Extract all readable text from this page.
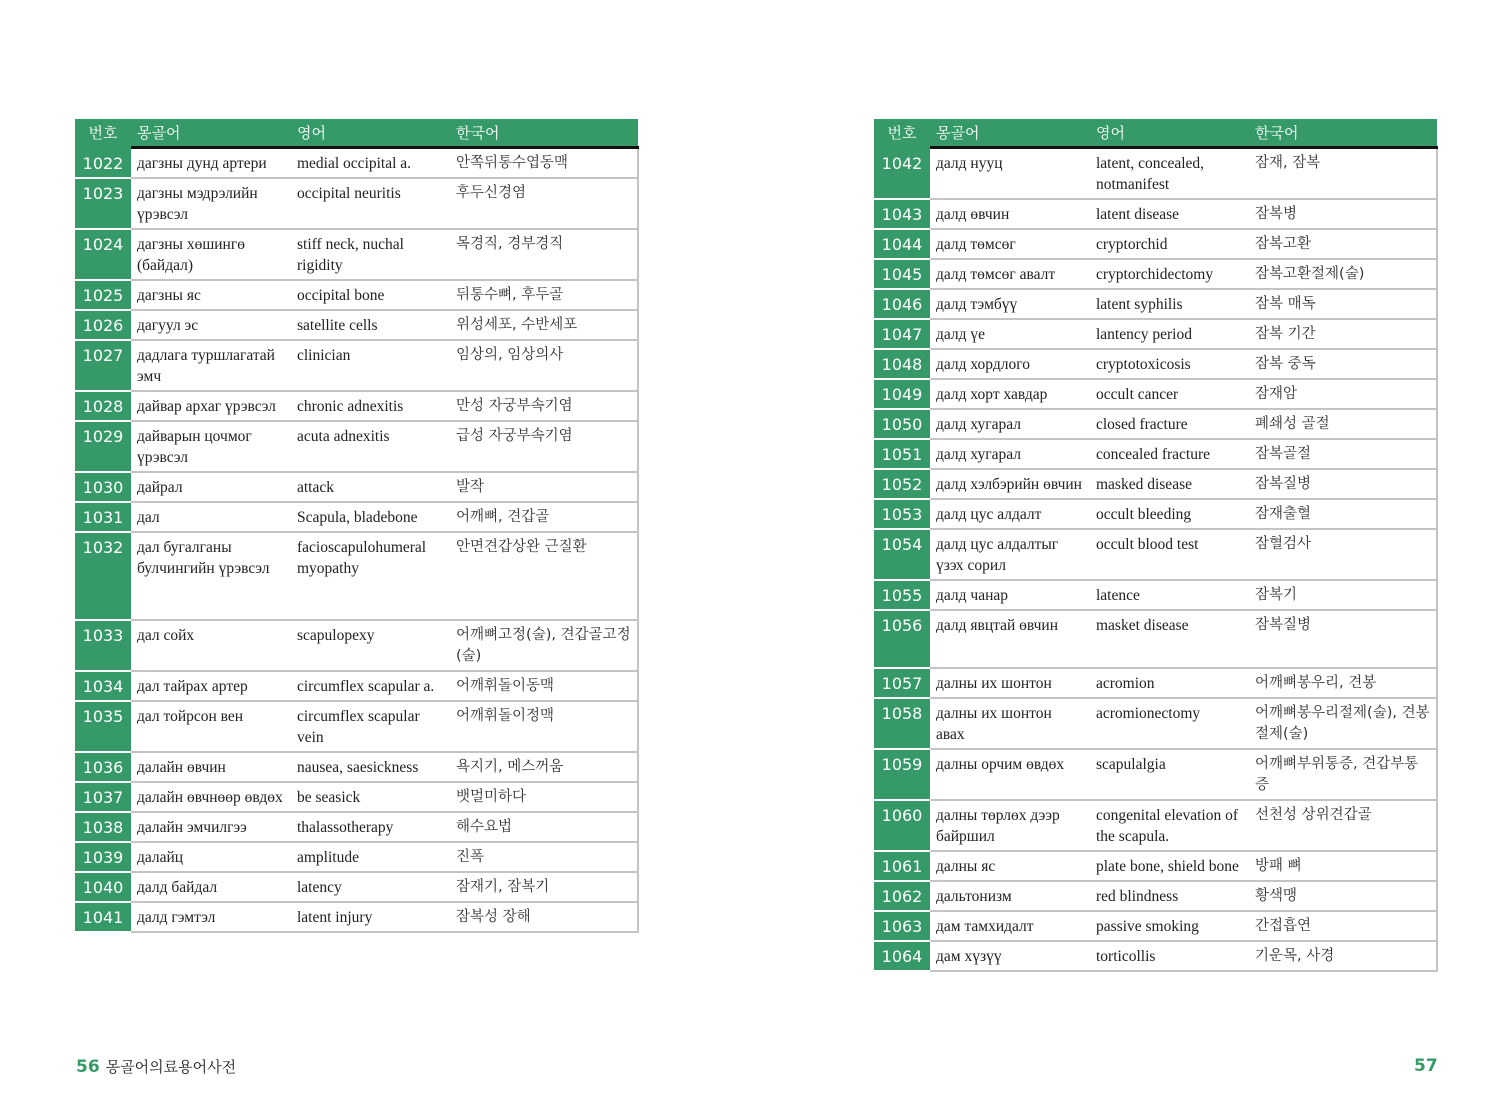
번호	몽골어	영어	한국어
1022	дагзны дунд артери	medial occipital a.	안쪽뒤통수엽동맥
1023	дагзны мэдрэлийн үрэвсэл	occipital neuritis	후두신경염
1024	дагзны хөшингө (байдал)	stiff neck, nuchal rigidity	목경직, 경부경직
1025	дагзны яс	occipital bone	뒤통수뼈, 후두골
1026	дагуул эс	satellite cells	위성세포, 수반세포
1027	дадлага туршлагатай эмч	clinician	임상의, 임상의사
1028	дайвар архаг үрэвсэл	chronic adnexitis	만성 자궁부속기염
1029	дайварын цочмог үрэвсэл	acuta adnexitis	급성 자궁부속기염
1030	дайрал	attack	발작
1031	дал	Scapula, bladebone	어깨뼈, 견갑골
1032	дал бугалганы булчингийн үрэвсэл	facioscapulohumeral myopathy	안면견갑상완 근질환
1033	дал сойх	scapulopexy	어깨뼈고정(술), 견갑골고정(술)
1034	дал тайрах артер	circumflex scapular a.	어깨휘돌이동맥
1035	дал тойрсон вен	circumflex scapular vein	어깨휘돌이정맥
1036	далайн өвчин	nausea, saesickness	욕지기, 메스꺼움
1037	далайн өвчнөөр өвдөх	be seasick	뱃멀미하다
1038	далайн эмчилгээ	thalassotherapy	해수요법
1039	далайц	amplitude	진폭
1040	далд байдал	latency	잠재기, 잠복기
1041	далд гэмтэл	latent injury	잠복성 장해
번호	몽골어	영어	한국어
1042	далд нууц	latent, concealed, notmanifest	잠재, 잠복
1043	далд өвчин	latent disease	잠복병
1044	далд төмсөг	cryptorchid	잠복고환
1045	далд төмсөг авалт	cryptorchidectomy	잠복고환절제(술)
1046	далд тэмбүү	latent syphilis	잠복 매독
1047	далд үе	lantency period	잠복 기간
1048	далд хордлого	cryptotoxicosis	잠복 중독
1049	далд хорт хавдар	occult cancer	잠재암
1050	далд хугарал	closed fracture	폐쇄성 골절
1051	далд хугарал	concealed fracture	잠복골절
1052	далд хэлбэрийн өвчин	masked disease	잠복질병
1053	далд цус алдалт	occult bleeding	잠재출혈
1054	далд цус алдалтыг үзэх сорил	occult blood test	잠혈검사
1055	далд чанар	latence	잠복기
1056	далд явцтай өвчин	masket disease	잠복질병
1057	далны их шонтон	acromion	어깨뼈봉우리, 견봉
1058	далны их шонтон авах	acromionectomy	어깨뼈봉우리절제(술), 견봉절제(술)
1059	далны орчим өвдөх	scapulalgia	어깨뼈부위통증, 견갑부통증
1060	далны төрлөх дээр байршил	congenital elevation of the scapula.	선천성 상위견갑골
1061	далны яс	plate bone, shield bone	방패 뼈
1062	дальтонизм	red blindness	황색맹
1063	дам тамхидалт	passive smoking	간접흡연
1064	дам хүзүү	torticollis	기운목, 사경
56 몽골어의료용어사전	57
